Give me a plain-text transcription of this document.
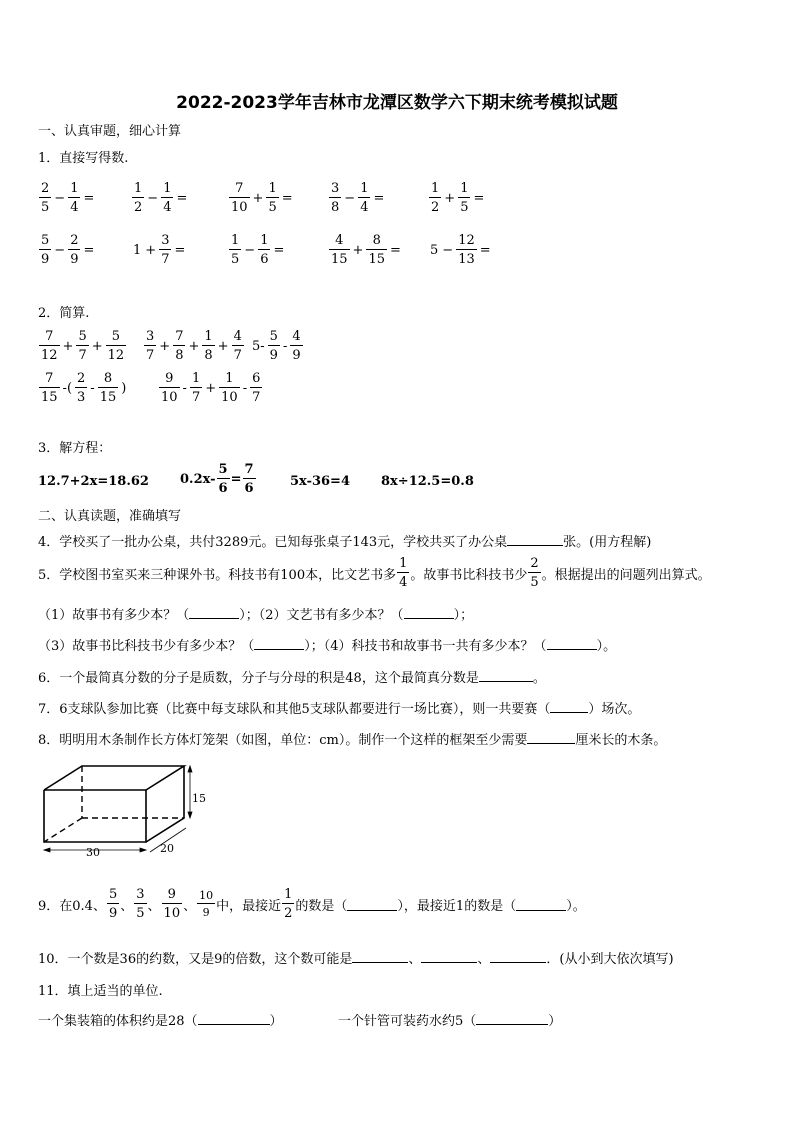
2022-2023学年吉林市龙潭区数学六下期末统考模拟试题
一、认真审题，细心计算
1．直接写得数.
$\frac{2}{5} - \frac{1}{4}$ =	$\frac{1}{2} - \frac{1}{4}$ =	$\frac{7}{10} + \frac{1}{5}$ =	$\frac{3}{8} - \frac{1}{4}$ =	$\frac{1}{2} + \frac{1}{5}$ =
$\frac{5}{9} - \frac{2}{9}$ =	$1 + \frac{3}{7}$ =	$\frac{1}{5} - \frac{1}{6}$ =	$\frac{4}{15} + \frac{8}{15} = 5 - \frac{12}{13}$ =
2．简算.
$\frac{7}{12} + \frac{5}{7} + \frac{5}{12} \frac{3}{7} + \frac{7}{8} + \frac{1}{8} + \frac{4}{7} 5- \frac{5}{9} - \frac{4}{9}$
$\frac{7}{15}$ -( $\frac{2}{3} - \frac{8}{15}$ )	$\frac{9}{10} - \frac{1}{7} + \frac{1}{10} - \frac{6}{7}$
3．解方程：
12.7+2x=18.62 $0.2x- \frac{5}{6} = \frac{7}{6}$	5x-36=4 8x÷12.5=0.8
二、认真读题，准确填写
4．学校买了一批办公桌，共付3289元。已知每张桌子143元，学校共买了办公桌	张。(用方程解)
5．学校图书室买来三种课外书。科技书有100本，比文艺书多 $\frac{1}{4}$ 。故事书比科技书少 $\frac{2}{5}$ 。根据提出的问题列出算式。
（1）故事书有多少本？（	）；（2）文艺书有多少本？（	）；
（3）故事书比科技书少有多少本？（	）；（4）科技书和故事书一共有多少本？（	）。
6．一个最简真分数的分子是质数，分子与分母的积是48，这个最简真分数是	。
7．6支球队参加比赛（比赛中每支球队和其他5支球队都要进行一场比赛），则一共要赛（	）场次。
8．明明用木条制作长方体灯笼架（如图，单位：cm）。制作一个这样的框架至少需要	厘米长的木条。
30	20
15
9．在0.4、 $\frac{5}{9}$ 、 $\frac{3}{5}$ 、 $\frac{9}{10}$ 、 $\frac{10}{9}$ 中，最接近 $\frac{1}{2}$ 的数是（	），最接近1的数是（	）。
10．一个数是36的约数，又是9的倍数，这个数可能是	、	、	．(从小到大依次填写)
11．填上适当的单位.
一个集装箱的体积约是28（	）	一个针管可装药水约5（	）
